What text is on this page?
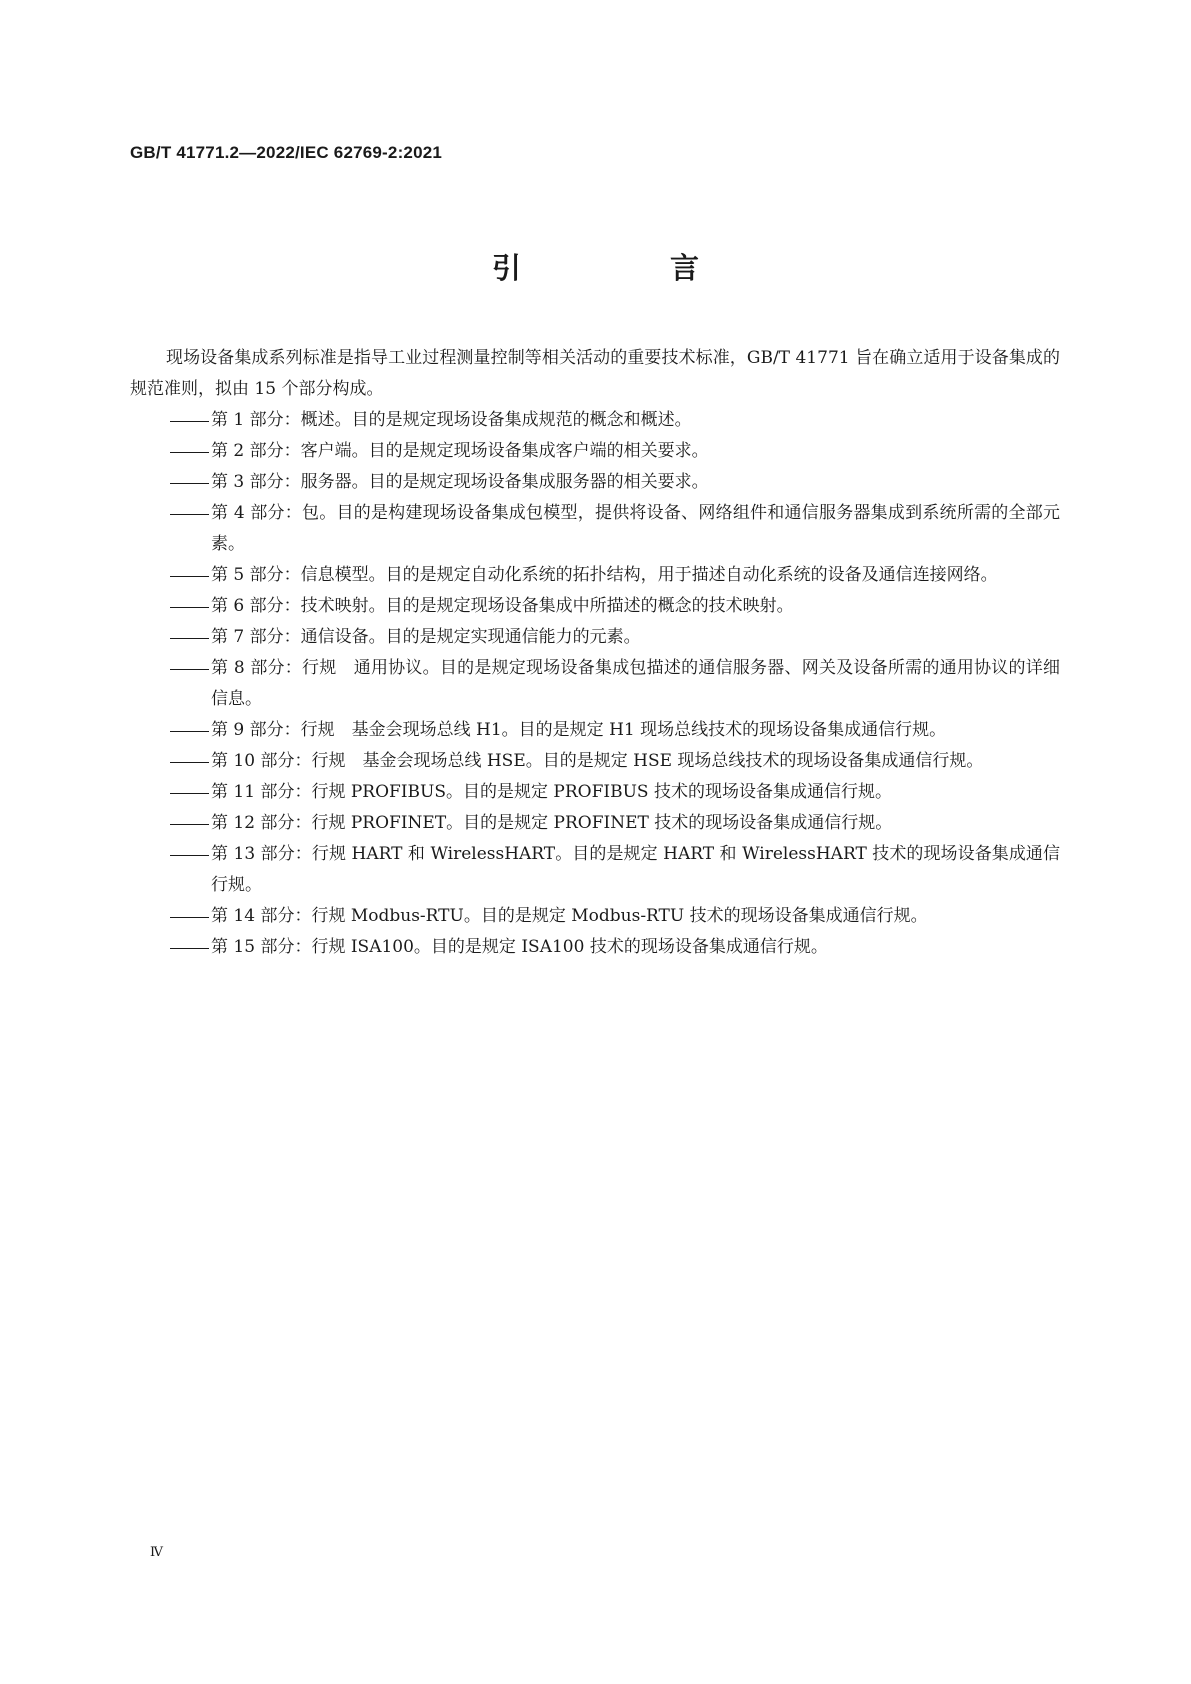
GB/T 41771.2—2022/IEC 62769-2:2021
引　言

现场设备集成系列标准是指导工业过程测量控制等相关活动的重要技术标准，GB/T 41771 旨在确立适用于设备集成的规范准则，拟由 15 个部分构成。

第 1 部分：概述。目的是规定现场设备集成规范的概念和概述。
第 2 部分：客户端。目的是规定现场设备集成客户端的相关要求。
第 3 部分：服务器。目的是规定现场设备集成服务器的相关要求。
第 4 部分：包。目的是构建现场设备集成包模型，提供将设备、网络组件和通信服务器集成到系统所需的全部元素。
第 5 部分：信息模型。目的是规定自动化系统的拓扑结构，用于描述自动化系统的设备及通信连接网络。
第 6 部分：技术映射。目的是规定现场设备集成中所描述的概念的技术映射。
第 7 部分：通信设备。目的是规定实现通信能力的元素。
第 8 部分：行规　通用协议。目的是规定现场设备集成包描述的通信服务器、网关及设备所需的通用协议的详细信息。
第 9 部分：行规　基金会现场总线 H1。目的是规定 H1 现场总线技术的现场设备集成通信行规。
第 10 部分：行规　基金会现场总线 HSE。目的是规定 HSE 现场总线技术的现场设备集成通信行规。
第 11 部分：行规 PROFIBUS。目的是规定 PROFIBUS 技术的现场设备集成通信行规。
第 12 部分：行规 PROFINET。目的是规定 PROFINET 技术的现场设备集成通信行规。
第 13 部分：行规 HART 和 WirelessHART。目的是规定 HART 和 WirelessHART 技术的现场设备集成通信行规。
第 14 部分：行规 Modbus-RTU。目的是规定 Modbus-RTU 技术的现场设备集成通信行规。
第 15 部分：行规 ISA100。目的是规定 ISA100 技术的现场设备集成通信行规。
Ⅳ
